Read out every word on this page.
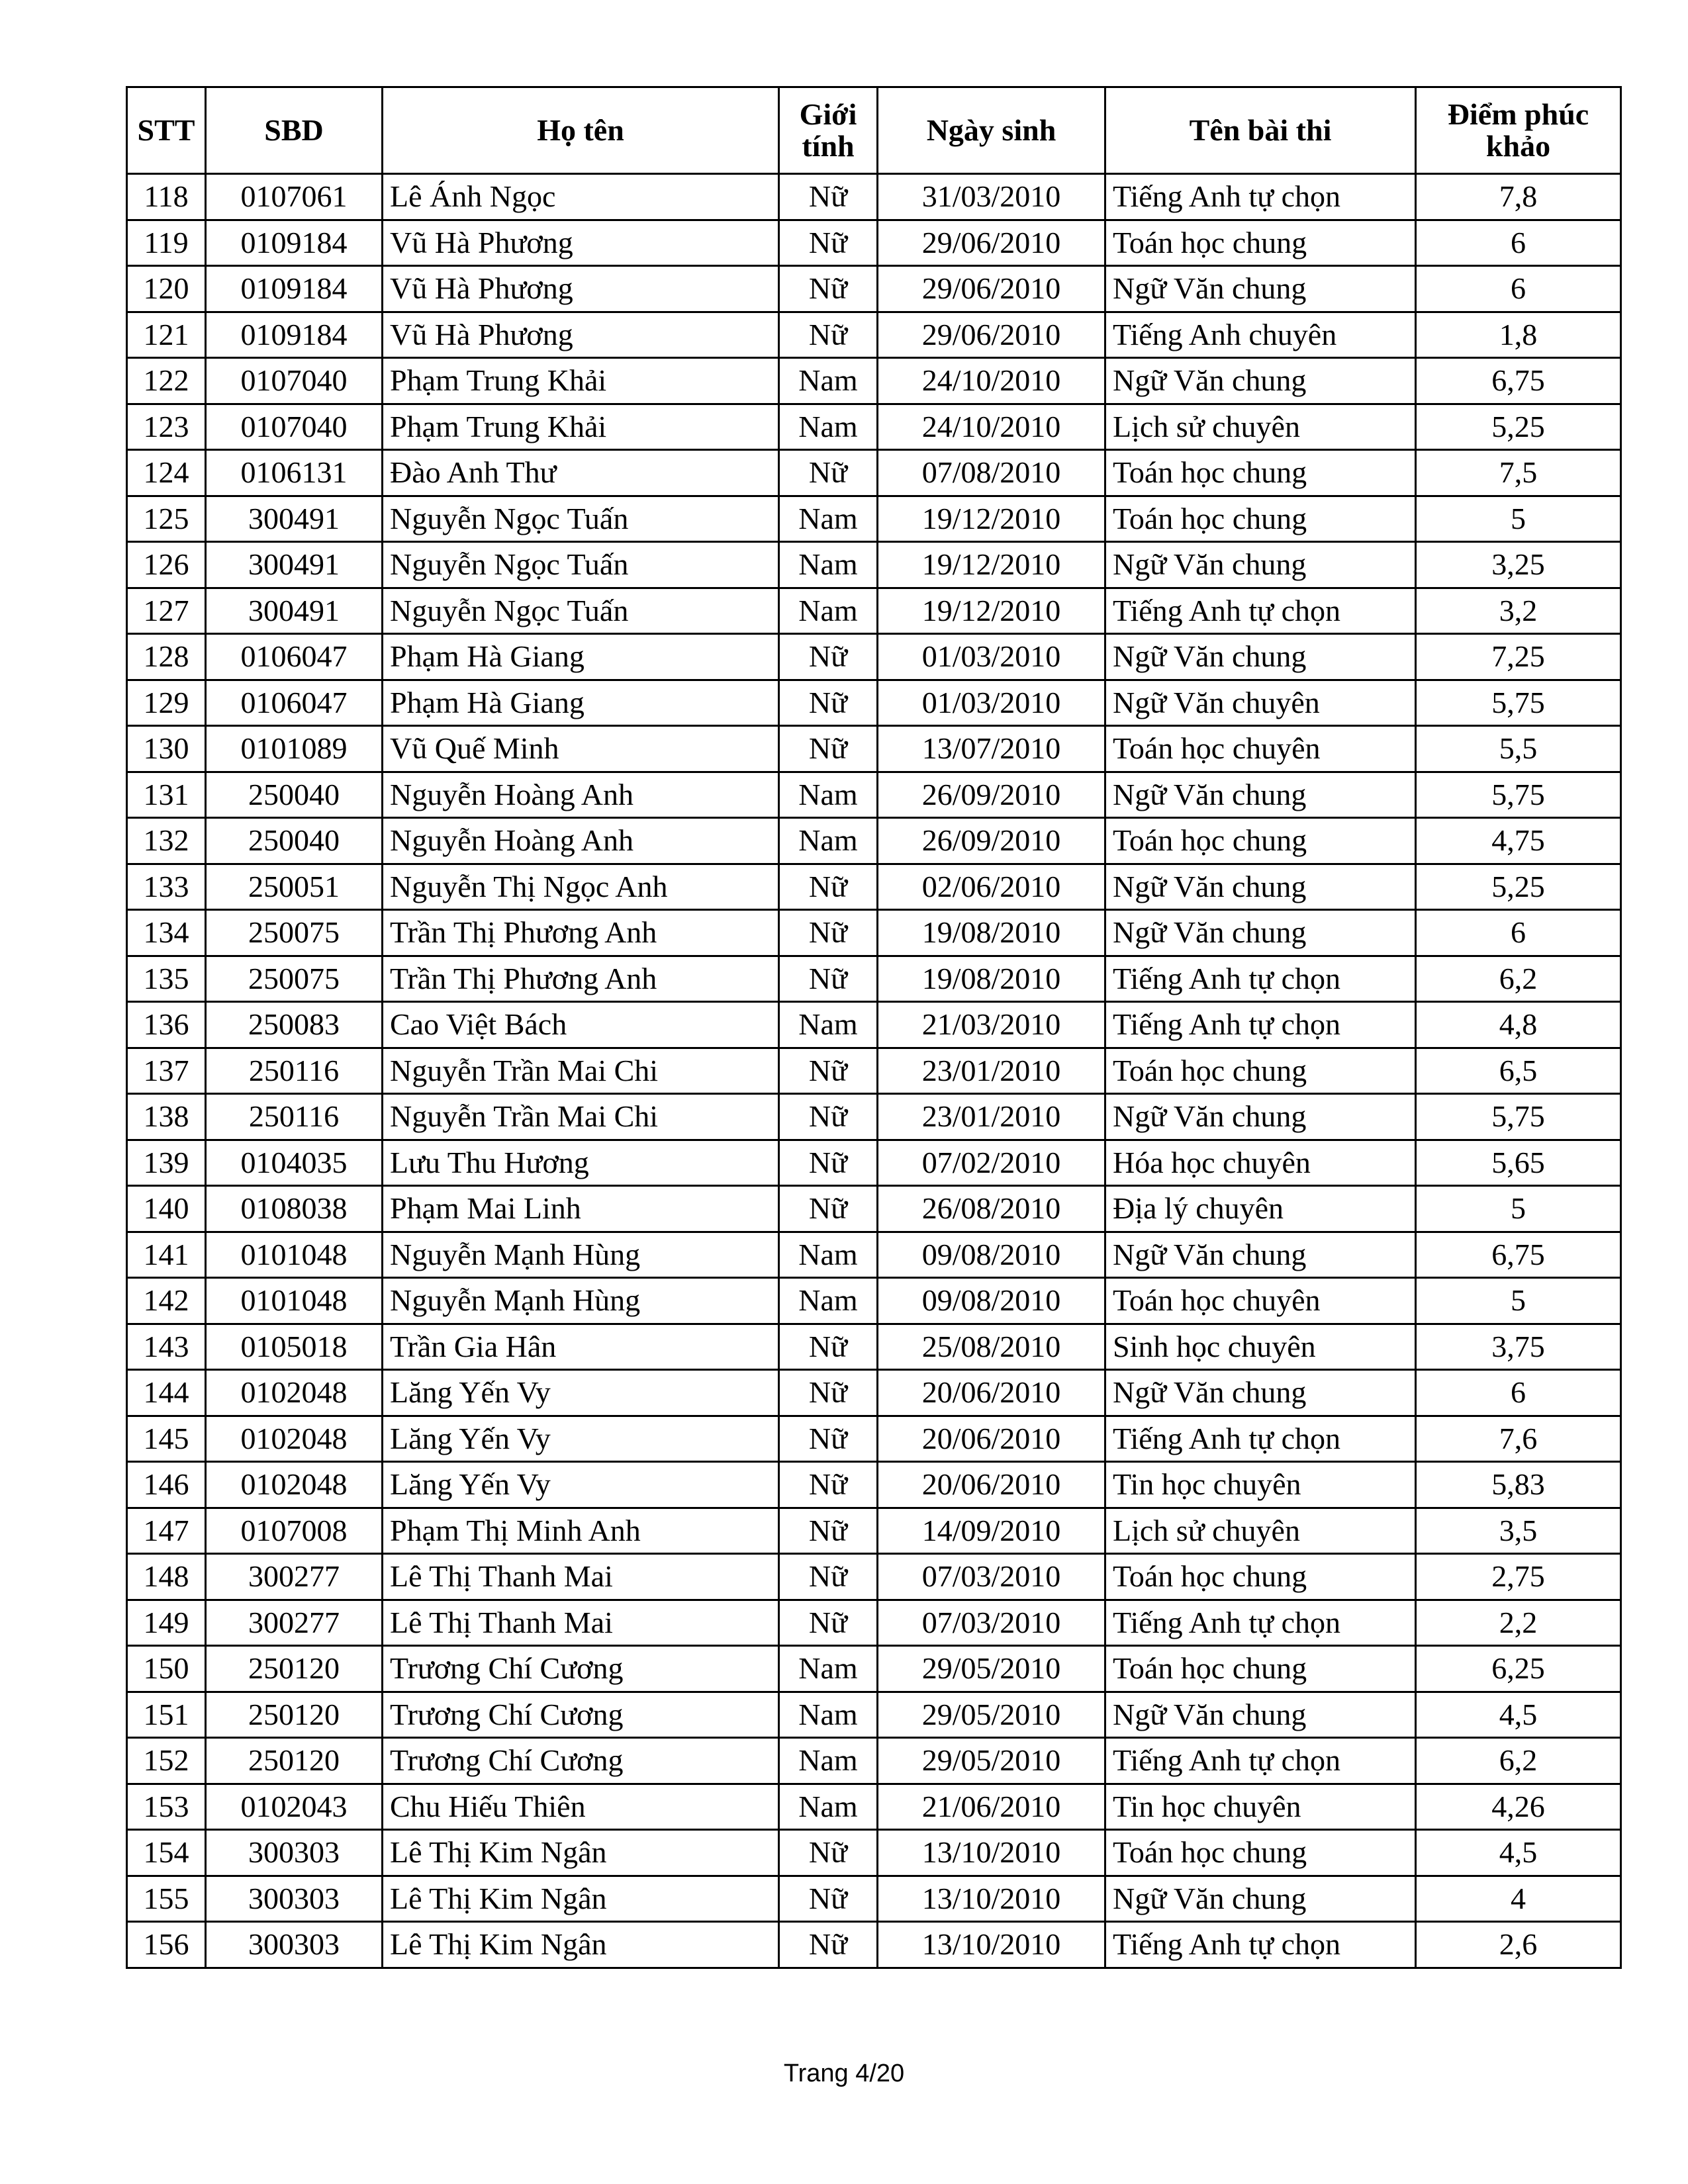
STT	SBD	Họ tên	Giới tính	Ngày sinh	Tên bài thi	Điểm phúc khảo
118	0107061	Lê Ánh Ngọc	Nữ	31/03/2010	Tiếng Anh tự chọn	7,8
119	0109184	Vũ Hà Phương	Nữ	29/06/2010	Toán học chung	6
120	0109184	Vũ Hà Phương	Nữ	29/06/2010	Ngữ Văn chung	6
121	0109184	Vũ Hà Phương	Nữ	29/06/2010	Tiếng Anh chuyên	1,8
122	0107040	Phạm Trung Khải	Nam	24/10/2010	Ngữ Văn chung	6,75
123	0107040	Phạm Trung Khải	Nam	24/10/2010	Lịch sử chuyên	5,25
124	0106131	Đào Anh Thư	Nữ	07/08/2010	Toán học chung	7,5
125	300491	Nguyễn Ngọc Tuấn	Nam	19/12/2010	Toán học chung	5
126	300491	Nguyễn Ngọc Tuấn	Nam	19/12/2010	Ngữ Văn chung	3,25
127	300491	Nguyễn Ngọc Tuấn	Nam	19/12/2010	Tiếng Anh tự chọn	3,2
128	0106047	Phạm Hà Giang	Nữ	01/03/2010	Ngữ Văn chung	7,25
129	0106047	Phạm Hà Giang	Nữ	01/03/2010	Ngữ Văn chuyên	5,75
130	0101089	Vũ Quế Minh	Nữ	13/07/2010	Toán học chuyên	5,5
131	250040	Nguyễn Hoàng Anh	Nam	26/09/2010	Ngữ Văn chung	5,75
132	250040	Nguyễn Hoàng Anh	Nam	26/09/2010	Toán học chung	4,75
133	250051	Nguyễn Thị Ngọc Anh	Nữ	02/06/2010	Ngữ Văn chung	5,25
134	250075	Trần Thị Phương Anh	Nữ	19/08/2010	Ngữ Văn chung	6
135	250075	Trần Thị Phương Anh	Nữ	19/08/2010	Tiếng Anh tự chọn	6,2
136	250083	Cao Việt Bách	Nam	21/03/2010	Tiếng Anh tự chọn	4,8
137	250116	Nguyễn Trần Mai Chi	Nữ	23/01/2010	Toán học chung	6,5
138	250116	Nguyễn Trần Mai Chi	Nữ	23/01/2010	Ngữ Văn chung	5,75
139	0104035	Lưu Thu Hương	Nữ	07/02/2010	Hóa học chuyên	5,65
140	0108038	Phạm Mai Linh	Nữ	26/08/2010	Địa lý chuyên	5
141	0101048	Nguyễn Mạnh Hùng	Nam	09/08/2010	Ngữ Văn chung	6,75
142	0101048	Nguyễn Mạnh Hùng	Nam	09/08/2010	Toán học chuyên	5
143	0105018	Trần Gia Hân	Nữ	25/08/2010	Sinh học chuyên	3,75
144	0102048	Lăng Yến Vy	Nữ	20/06/2010	Ngữ Văn chung	6
145	0102048	Lăng Yến Vy	Nữ	20/06/2010	Tiếng Anh tự chọn	7,6
146	0102048	Lăng Yến Vy	Nữ	20/06/2010	Tin học chuyên	5,83
147	0107008	Phạm Thị Minh Anh	Nữ	14/09/2010	Lịch sử chuyên	3,5
148	300277	Lê Thị Thanh Mai	Nữ	07/03/2010	Toán học chung	2,75
149	300277	Lê Thị Thanh Mai	Nữ	07/03/2010	Tiếng Anh tự chọn	2,2
150	250120	Trương Chí Cương	Nam	29/05/2010	Toán học chung	6,25
151	250120	Trương Chí Cương	Nam	29/05/2010	Ngữ Văn chung	4,5
152	250120	Trương Chí Cương	Nam	29/05/2010	Tiếng Anh tự chọn	6,2
153	0102043	Chu Hiếu Thiên	Nam	21/06/2010	Tin học chuyên	4,26
154	300303	Lê Thị Kim Ngân	Nữ	13/10/2010	Toán học chung	4,5
155	300303	Lê Thị Kim Ngân	Nữ	13/10/2010	Ngữ Văn chung	4
156	300303	Lê Thị Kim Ngân	Nữ	13/10/2010	Tiếng Anh tự chọn	2,6
Trang 4/20
